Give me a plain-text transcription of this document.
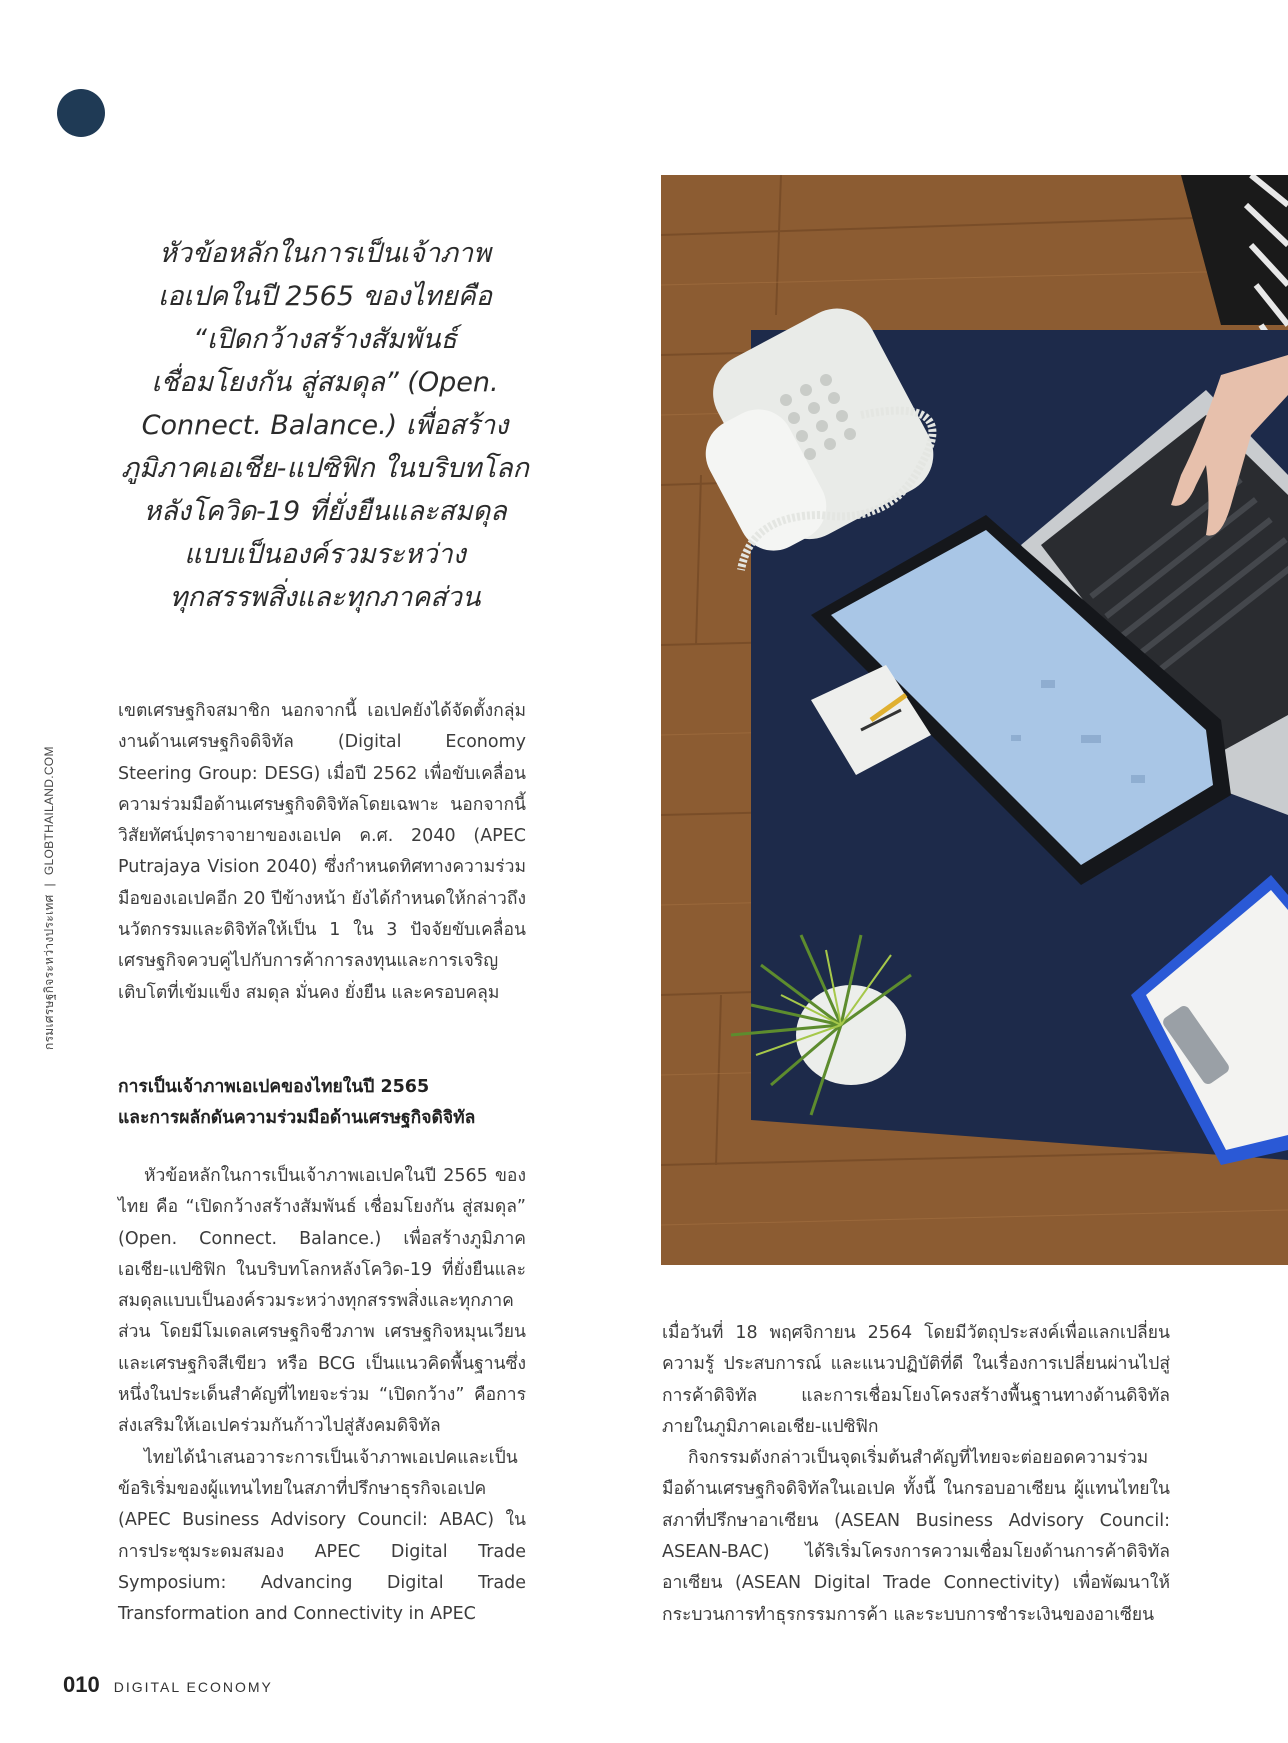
กรมเศรษฐกิจระหว่างประเทศ|GLOBTHAILAND.COM

หัวข้อหลักในการเป็นเจ้าภาพ

เอเปคในปี 2565 ของไทยคือ

“เปิดกว้างสร้างสัมพันธ์

เชื่อมโยงกัน สู่สมดุล” (Open.

Connect. Balance.) เพื่อสร้าง

ภูมิภาคเอเชีย-แปซิฟิก ในบริบทโลก

หลังโควิด-19 ที่ยั่งยืนและสมดุล

แบบเป็นองค์รวมระหว่าง

ทุกสรรพสิ่งและทุกภาคส่วน

เขตเศรษฐกิจสมาชิก นอกจากนี้ เอเปคยังได้จัดตั้งกลุ่มงานด้านเศรษฐกิจดิจิทัล (Digital Economy Steering Group: DESG) เมื่อปี 2562 เพื่อขับเคลื่อนความร่วมมือด้านเศรษฐกิจดิจิทัลโดยเฉพาะ นอกจากนี้ วิสัยทัศน์ปุตราจายาของเอเปค ค.ศ. 2040 (APEC Putrajaya Vision 2040) ซึ่งกำหนดทิศทางความร่วมมือของเอเปคอีก 20 ปีข้างหน้า ยังได้กำหนดให้กล่าวถึงนวัตกรรมและดิจิทัลให้เป็น 1 ใน 3 ปัจจัยขับเคลื่อนเศรษฐกิจควบคู่ไปกับการค้าการลงทุนและการเจริญเติบโตที่เข้มแข็ง สมดุล มั่นคง ยั่งยืน และครอบคลุม

การเป็นเจ้าภาพเอเปคของไทยในปี 2565
และการผลักดันความร่วมมือด้านเศรษฐกิจดิจิทัล

หัวข้อหลักในการเป็นเจ้าภาพเอเปคในปี 2565 ของไทย คือ “เปิดกว้างสร้างสัมพันธ์ เชื่อมโยงกัน สู่สมดุล” (Open. Connect. Balance.) เพื่อสร้างภูมิภาคเอเชีย-แปซิฟิก ในบริบทโลกหลังโควิด-19 ที่ยั่งยืนและสมดุลแบบเป็นองค์รวมระหว่างทุกสรรพสิ่งและทุกภาคส่วน โดยมีโมเดลเศรษฐกิจชีวภาพ เศรษฐกิจหมุนเวียน และเศรษฐกิจสีเขียว หรือ BCG เป็นแนวคิดพื้นฐานซึ่งหนึ่งในประเด็นสำคัญที่ไทยจะร่วม “เปิดกว้าง” คือการส่งเสริมให้เอเปคร่วมกันก้าวไปสู่สังคมดิจิทัล

ไทยได้นำเสนอวาระการเป็นเจ้าภาพเอเปคและเป็นข้อริเริ่มของผู้แทนไทยในสภาที่ปรึกษาธุรกิจเอเปค (APEC Business Advisory Council: ABAC) ในการประชุมระดมสมอง APEC Digital Trade Symposium: Advancing Digital Trade Transformation and Connectivity in APEC

เมื่อวันที่ 18 พฤศจิกายน 2564 โดยมีวัตถุประสงค์เพื่อแลกเปลี่ยนความรู้ ประสบการณ์ และแนวปฏิบัติที่ดี ในเรื่องการเปลี่ยนผ่านไปสู่การค้าดิจิทัล และการเชื่อมโยงโครงสร้างพื้นฐานทางด้านดิจิทัลภายในภูมิภาคเอเชีย-แปซิฟิก

กิจกรรมดังกล่าวเป็นจุดเริ่มต้นสำคัญที่ไทยจะต่อยอดความร่วมมือด้านเศรษฐกิจดิจิทัลในเอเปค ทั้งนี้ ในกรอบอาเซียน ผู้แทนไทยในสภาที่ปรึกษาอาเซียน (ASEAN Business Advisory Council: ASEAN-BAC) ได้ริเริ่มโครงการความเชื่อมโยงด้านการค้าดิจิทัลอาเซียน (ASEAN Digital Trade Connectivity) เพื่อพัฒนาให้กระบวนการทำธุรกรรมการค้า และระบบการชำระเงินของอาเซียน

010 DIGITAL ECONOMY
